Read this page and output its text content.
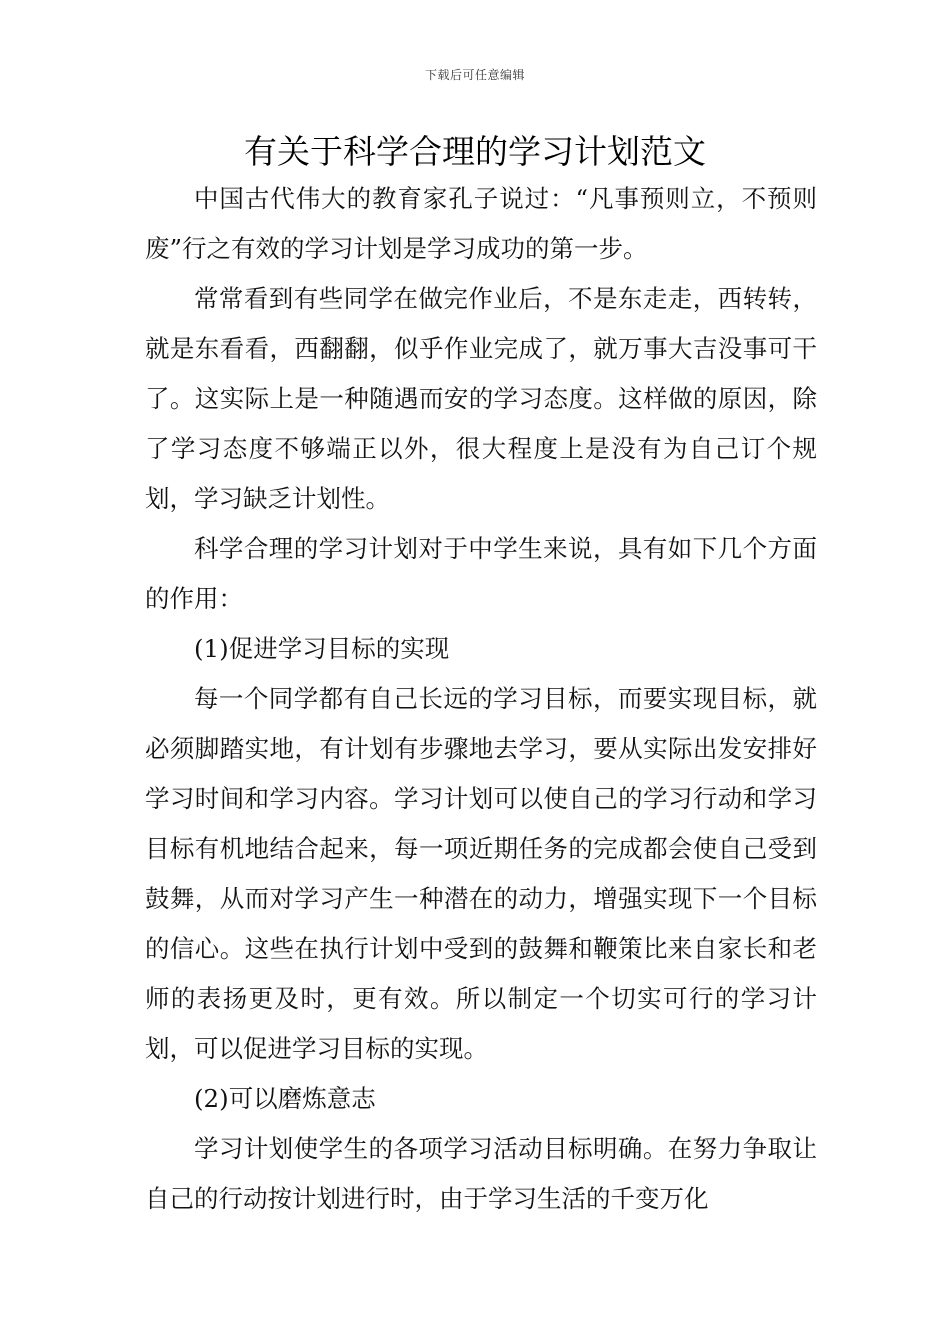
下载后可任意编辑
有关于科学合理的学习计划范文

中国古代伟大的教育家孔子说过：“凡事预则立，不预则废”行之有效的学习计划是学习成功的第一步。

常常看到有些同学在做完作业后，不是东走走，西转转，就是东看看，西翻翻，似乎作业完成了，就万事大吉没事可干了。这实际上是一种随遇而安的学习态度。这样做的原因，除了学习态度不够端正以外，很大程度上是没有为自己订个规划，学习缺乏计划性。

科学合理的学习计划对于中学生来说，具有如下几个方面的作用：

(1)促进学习目标的实现

每一个同学都有自己长远的学习目标，而要实现目标，就必须脚踏实地，有计划有步骤地去学习，要从实际出发安排好学习时间和学习内容。学习计划可以使自己的学习行动和学习目标有机地结合起来，每一项近期任务的完成都会使自己受到鼓舞，从而对学习产生一种潜在的动力，增强实现下一个目标的信心。这些在执行计划中受到的鼓舞和鞭策比来自家长和老师的表扬更及时，更有效。所以制定一个切实可行的学习计划，可以促进学习目标的实现。

(2)可以磨炼意志

学习计划使学生的各项学习活动目标明确。在努力争取让自己的行动按计划进行时，由于学习生活的千变万化
